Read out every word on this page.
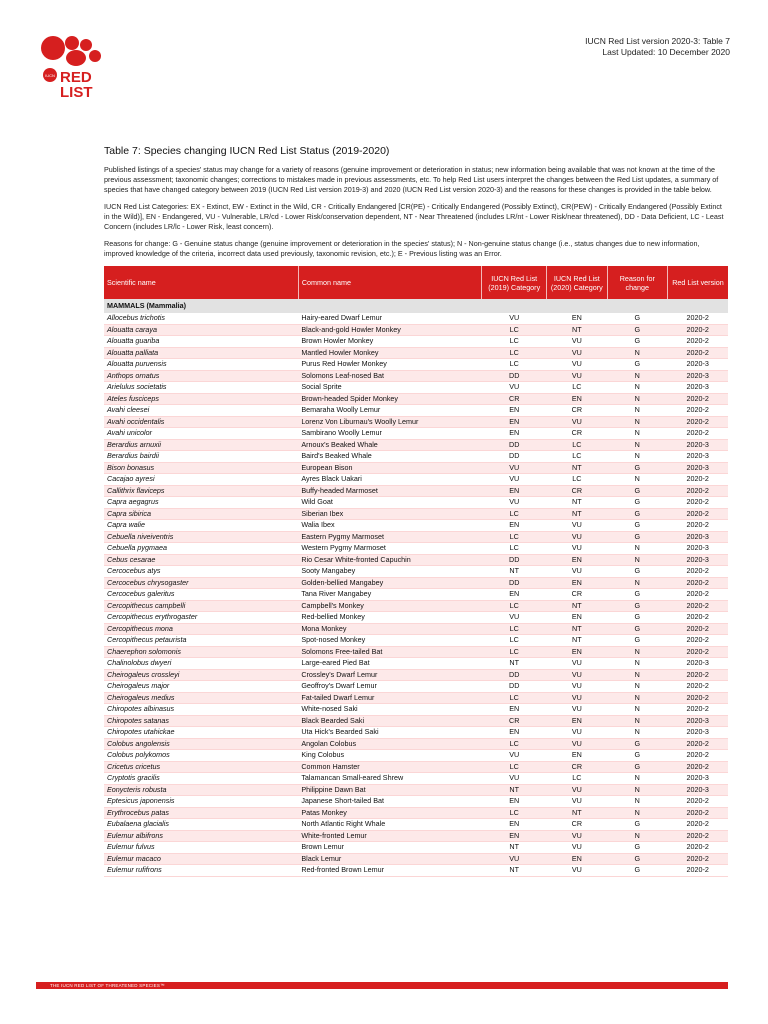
IUCN RED
LIST
IUCN Red List version 2020-3: Table 7
Last Updated: 10 December 2020
Table 7: Species changing IUCN Red List Status (2019-2020)

Published listings of a species' status may change for a variety of reasons (genuine improvement or deterioration in status; new information being available that was not known at the time of the previous assessment; taxonomic changes; corrections to mistakes made in previous assessments, etc. To help Red List users interpret the changes between the Red List updates, a summary of species that have changed category between 2019 (IUCN Red List version 2019-3) and 2020 (IUCN Red List version 2020-3) and the reasons for these changes is provided in the table below.

IUCN Red List Categories: EX - Extinct, EW - Extinct in the Wild, CR - Critically Endangered [CR(PE) - Critically Endangered (Possibly Extinct), CR(PEW) - Critically Endangered (Possibly Extinct in the Wild)], EN - Endangered, VU - Vulnerable, LR/cd - Lower Risk/conservation dependent, NT - Near Threatened (includes LR/nt - Lower Risk/near threatened), DD - Data Deficient, LC - Least Concern (includes LR/lc - Lower Risk, least concern).

Reasons for change: G - Genuine status change (genuine improvement or deterioration in the species' status); N - Non-genuine status change (i.e., status changes due to new information, improved knowledge of the criteria, incorrect data used previously, taxonomic revision, etc.); E - Previous listing was an Error.

Scientific name	Common name	IUCN Red List (2019) Category	IUCN Red List (2020) Category	Reason for change	Red List version
MAMMALS (Mammalia)					
Allocebus trichotis	Hairy-eared Dwarf Lemur	VU	EN	G	2020-2
Alouatta caraya	Black-and-gold Howler Monkey	LC	NT	G	2020-2
Alouatta guariba	Brown Howler Monkey	LC	VU	G	2020-2
Alouatta palliata	Mantled Howler Monkey	LC	VU	N	2020-2
Alouatta puruensis	Purus Red Howler Monkey	LC	VU	G	2020-3
Anthops ornatus	Solomons Leaf-nosed Bat	DD	VU	N	2020-3
Arielulus societatis	Social Sprite	VU	LC	N	2020-3
Ateles fusciceps	Brown-headed Spider Monkey	CR	EN	N	2020-2
Avahi cleesei	Bemaraha Woolly Lemur	EN	CR	N	2020-2
Avahi occidentalis	Lorenz Von Liburnau's Woolly Lemur	EN	VU	N	2020-2
Avahi unicolor	Sambirano Woolly Lemur	EN	CR	N	2020-2
Berardius arnuxii	Arnoux's Beaked Whale	DD	LC	N	2020-3
Berardius bairdii	Baird's Beaked Whale	DD	LC	N	2020-3
Bison bonasus	European Bison	VU	NT	G	2020-3
Cacajao ayresi	Ayres Black Uakari	VU	LC	N	2020-2
Callithrix flaviceps	Buffy-headed Marmoset	EN	CR	G	2020-2
Capra aegagrus	Wild Goat	VU	NT	G	2020-2
Capra sibirica	Siberian Ibex	LC	NT	G	2020-2
Capra walie	Walia Ibex	EN	VU	G	2020-2
Cebuella niveiventris	Eastern Pygmy Marmoset	LC	VU	G	2020-3
Cebuella pygmaea	Western Pygmy Marmoset	LC	VU	N	2020-3
Cebus cesarae	Rio Cesar White-fronted Capuchin	DD	EN	N	2020-3
Cercocebus atys	Sooty Mangabey	NT	VU	G	2020-2
Cercocebus chrysogaster	Golden-bellied Mangabey	DD	EN	N	2020-2
Cercocebus galeritus	Tana River Mangabey	EN	CR	G	2020-2
Cercopithecus campbelli	Campbell's Monkey	LC	NT	G	2020-2
Cercopithecus erythrogaster	Red-bellied Monkey	VU	EN	G	2020-2
Cercopithecus mona	Mona Monkey	LC	NT	G	2020-2
Cercopithecus petaurista	Spot-nosed Monkey	LC	NT	G	2020-2
Chaerephon solomonis	Solomons Free-tailed Bat	LC	EN	N	2020-2
Chalinolobus dwyeri	Large-eared Pied Bat	NT	VU	N	2020-3
Cheirogaleus crossleyi	Crossley's Dwarf Lemur	DD	VU	N	2020-2
Cheirogaleus major	Geoffroy's Dwarf Lemur	DD	VU	N	2020-2
Cheirogaleus medius	Fat-tailed Dwarf Lemur	LC	VU	N	2020-2
Chiropotes albinasus	White-nosed Saki	EN	VU	N	2020-2
Chiropotes satanas	Black Bearded Saki	CR	EN	N	2020-3
Chiropotes utahickae	Uta Hick's Bearded Saki	EN	VU	N	2020-3
Colobus angolensis	Angolan Colobus	LC	VU	G	2020-2
Colobus polykomos	King Colobus	VU	EN	G	2020-2
Cricetus cricetus	Common Hamster	LC	CR	G	2020-2
Cryptotis gracilis	Talamancan Small-eared Shrew	VU	LC	N	2020-3
Eonycteris robusta	Philippine Dawn Bat	NT	VU	N	2020-3
Eptesicus japonensis	Japanese Short-tailed Bat	EN	VU	N	2020-2
Erythrocebus patas	Patas Monkey	LC	NT	N	2020-2
Eubalaena glacialis	North Atlantic Right Whale	EN	CR	G	2020-2
Eulemur albifrons	White-fronted Lemur	EN	VU	N	2020-2
Eulemur fulvus	Brown Lemur	NT	VU	G	2020-2
Eulemur macaco	Black Lemur	VU	EN	G	2020-2
Eulemur rufifrons	Red-fronted Brown Lemur	NT	VU	G	2020-2
THE IUCN RED LIST OF THREATENED SPECIES™
